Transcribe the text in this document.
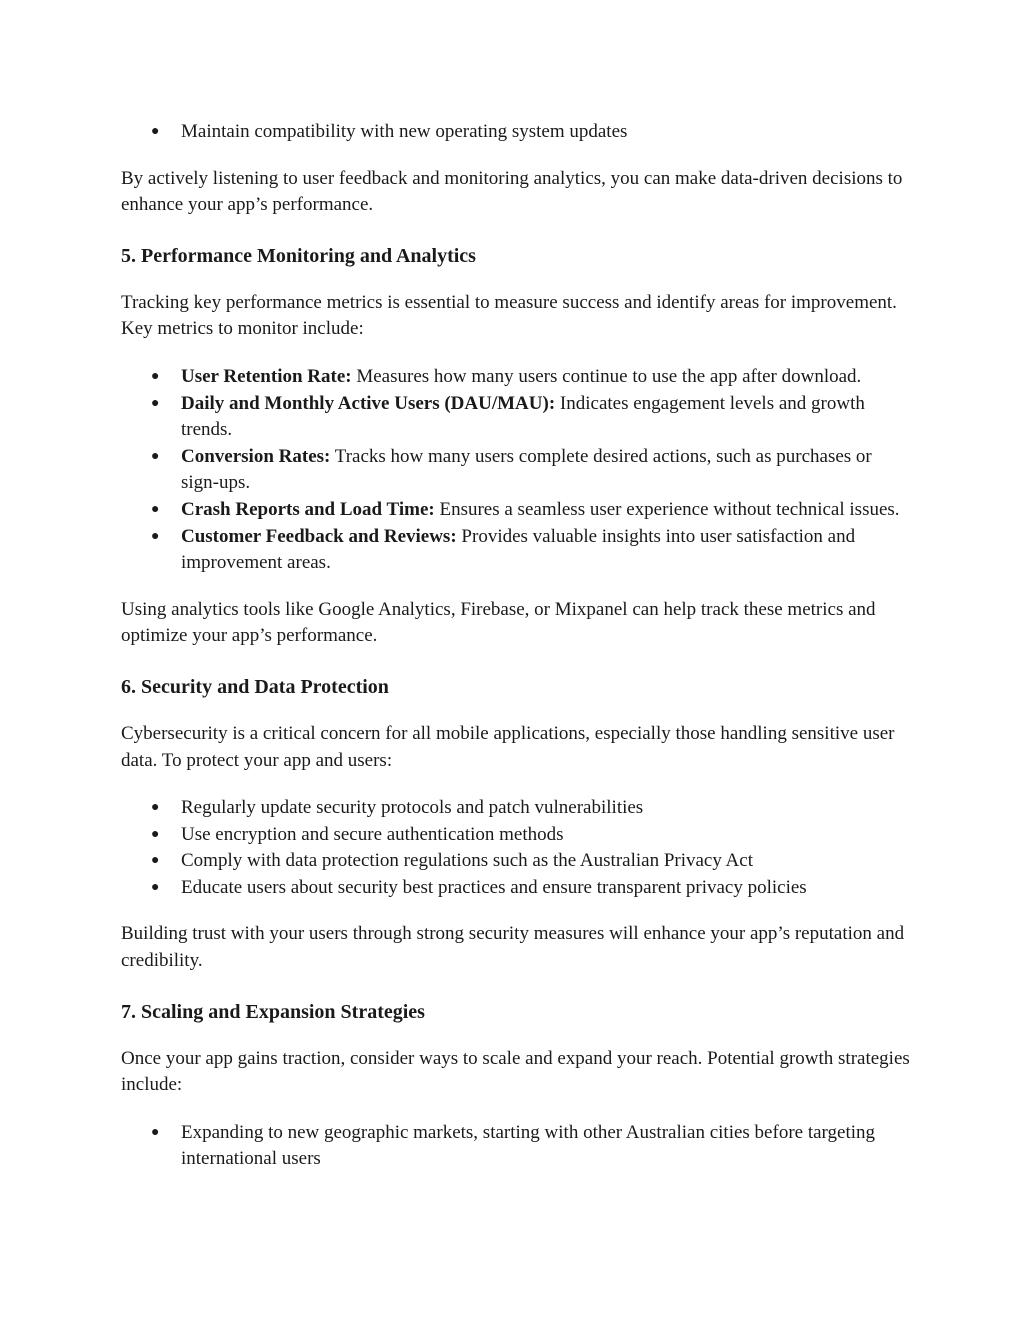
● Maintain compatibility with new operating system updates

By actively listening to user feedback and monitoring analytics, you can make data-driven decisions to enhance your app’s performance.

5. Performance Monitoring and Analytics

Tracking key performance metrics is essential to measure success and identify areas for improvement. Key metrics to monitor include:

● User Retention Rate: Measures how many users continue to use the app after download.
● Daily and Monthly Active Users (DAU/MAU): Indicates engagement levels and growth trends.
● Conversion Rates: Tracks how many users complete desired actions, such as purchases or sign-ups.
● Crash Reports and Load Time: Ensures a seamless user experience without technical issues.
● Customer Feedback and Reviews: Provides valuable insights into user satisfaction and improvement areas.

Using analytics tools like Google Analytics, Firebase, or Mixpanel can help track these metrics and optimize your app’s performance.

6. Security and Data Protection

Cybersecurity is a critical concern for all mobile applications, especially those handling sensitive user data. To protect your app and users:

● Regularly update security protocols and patch vulnerabilities
● Use encryption and secure authentication methods
● Comply with data protection regulations such as the Australian Privacy Act
● Educate users about security best practices and ensure transparent privacy policies

Building trust with your users through strong security measures will enhance your app’s reputation and credibility.

7. Scaling and Expansion Strategies

Once your app gains traction, consider ways to scale and expand your reach. Potential growth strategies include:

● Expanding to new geographic markets, starting with other Australian cities before targeting international users
